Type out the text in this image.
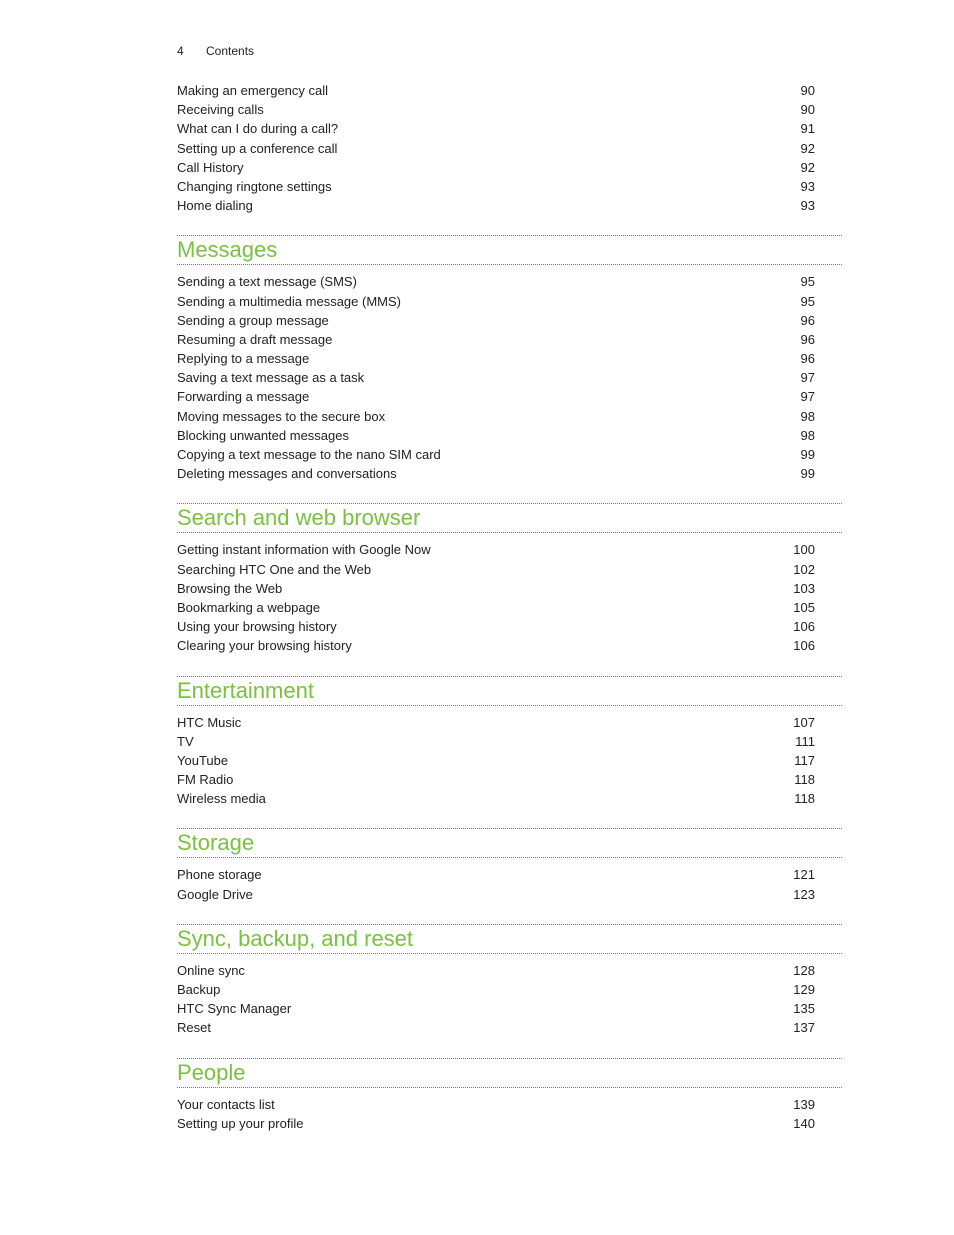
4 Contents
Making an emergency call	90
Receiving calls	90
What can I do during a call?	91
Setting up a conference call	92
Call History	92
Changing ringtone settings	93
Home dialing	93
Messages
Sending a text message (SMS)	95
Sending a multimedia message (MMS)	95
Sending a group message	96
Resuming a draft message	96
Replying to a message	96
Saving a text message as a task	97
Forwarding a message	97
Moving messages to the secure box	98
Blocking unwanted messages	98
Copying a text message to the nano SIM card	99
Deleting messages and conversations	99
Search and web browser
Getting instant information with Google Now	100
Searching HTC One and the Web	102
Browsing the Web	103
Bookmarking a webpage	105
Using your browsing history	106
Clearing your browsing history	106
Entertainment
HTC Music	107
TV	111
YouTube	117
FM Radio	118
Wireless media	118
Storage
Phone storage	121
Google Drive	123
Sync, backup, and reset
Online sync	128
Backup	129
HTC Sync Manager	135
Reset	137
People
Your contacts list	139
Setting up your profile	140
